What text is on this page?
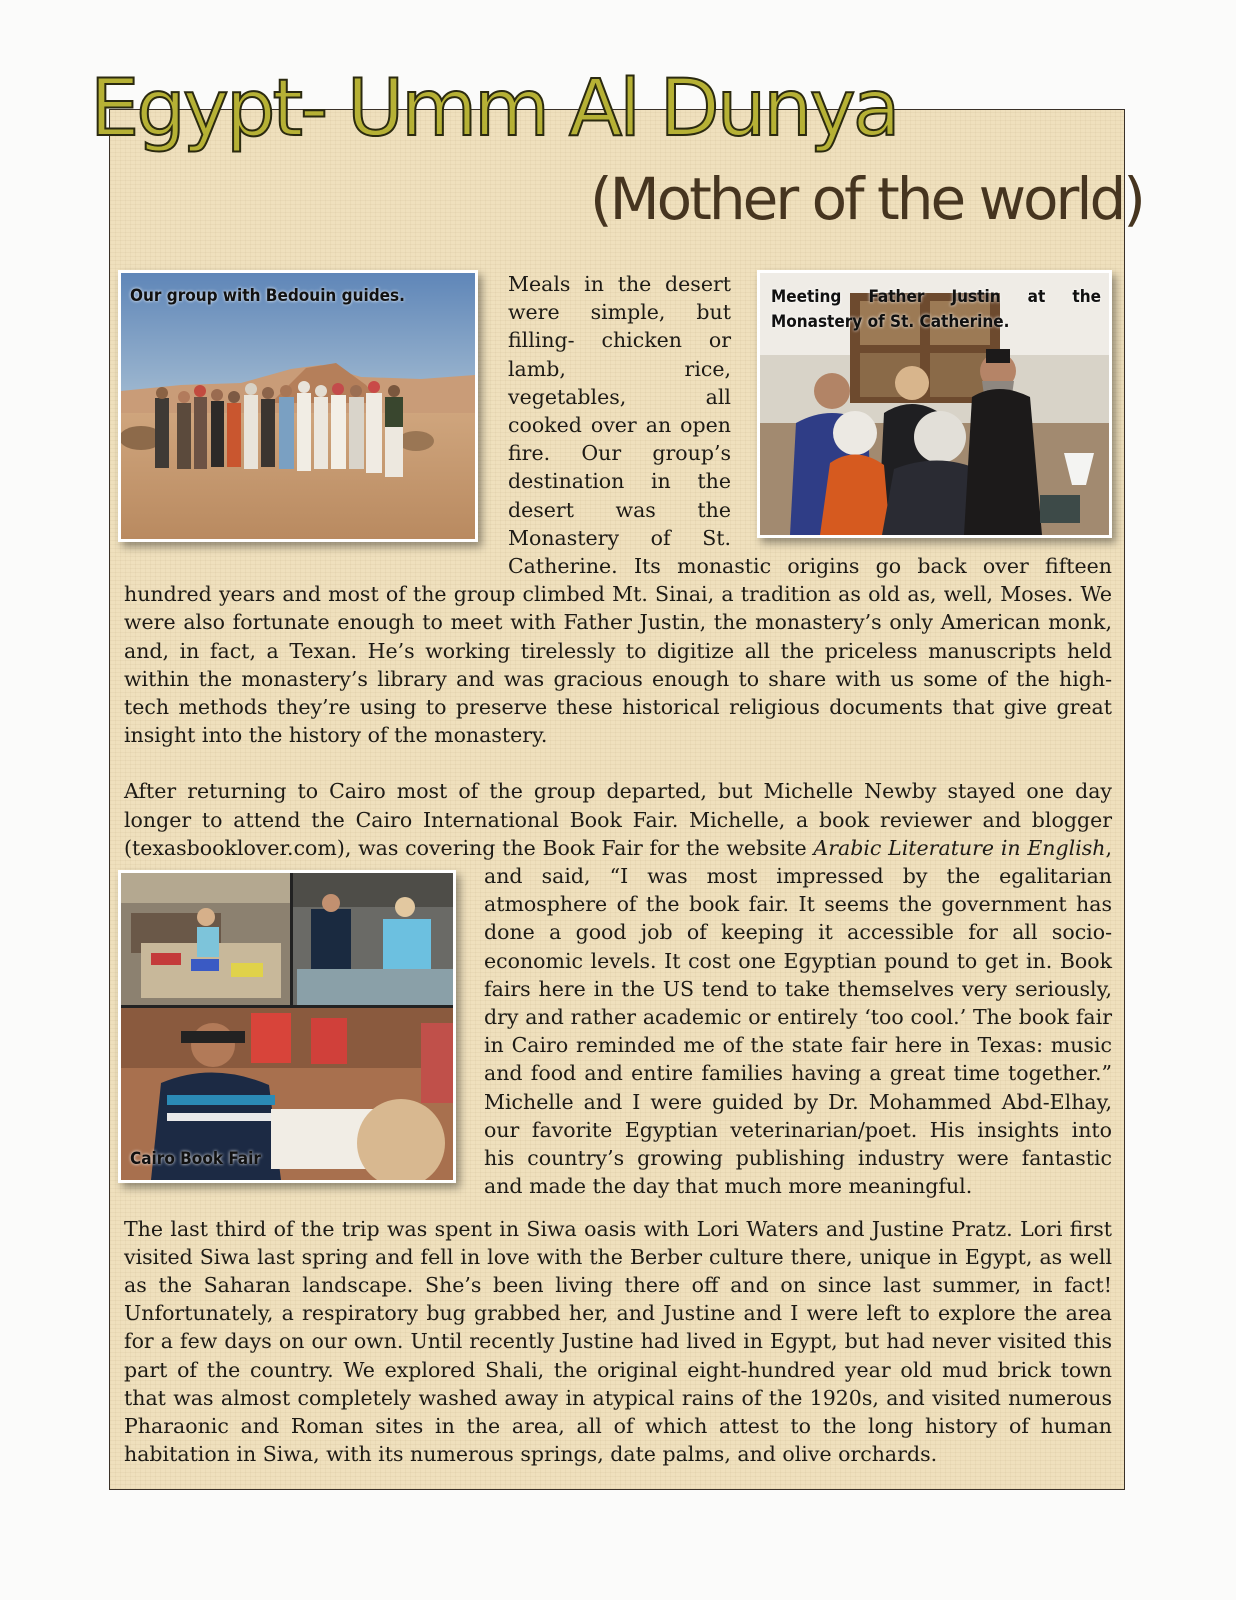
Egypt- Umm Al Dunya
(Mother of the world)
Our group with Bedouin guides.	Meeting Father Justin at the Monastery of St. Catherine.

Meals in the desert were simple, but filling- chicken or lamb, rice, vegetables, all cooked over an open fire. Our group’s destination in the desert was the Monastery of St. Catherine. Its monastic origins go back over fifteen hundred years and most of the group climbed Mt. Sinai, a tradition as old as, well, Moses. We were also fortunate enough to meet with Father Justin, the monastery’s only American monk, and, in fact, a Texan. He’s working tirelessly to digitize all the priceless manuscripts held within the monastery’s library and was gracious enough to share with us some of the high-tech methods they’re using to preserve these historical religious documents that give great insight into the history of the monastery.

After returning to Cairo most of the group departed, but Michelle Newby stayed one day longer to attend the Cairo International Book Fair. Michelle, a book reviewer and blogger (texasbooklover.com), was covering the Book Fair for the website Arabic Literature in English
Cairo Book Fair
, and said, “I was most impressed by the egalitarian atmosphere of the book fair. It seems the government has done a good job of keeping it accessible for all socio-economic levels. It cost one Egyptian pound to get in. Book fairs here in the US tend to take themselves very seriously, dry and rather academic or entirely ‘too cool.’ The book fair in Cairo reminded me of the state fair here in Texas: music and food and entire families having a great time together.” Michelle and I were guided by Dr. Mohammed Abd-Elhay, our favorite Egyptian veterinarian/poet. His insights into his country’s growing publishing industry were fantastic and made the day that much more meaningful.

The last third of the trip was spent in Siwa oasis with Lori Waters and Justine Pratz. Lori first visited Siwa last spring and fell in love with the Berber culture there, unique in Egypt, as well as the Saharan landscape. She’s been living there off and on since last summer, in fact! Unfortunately, a respiratory bug grabbed her, and Justine and I were left to explore the area for a few days on our own. Until recently Justine had lived in Egypt, but had never visited this part of the country. We explored Shali, the original eight-hundred year old mud brick town that was almost completely washed away in atypical rains of the 1920s, and visited numerous Pharaonic and Roman sites in the area, all of which attest to the long history of human habitation in Siwa, with its numerous springs, date palms, and olive orchards.
